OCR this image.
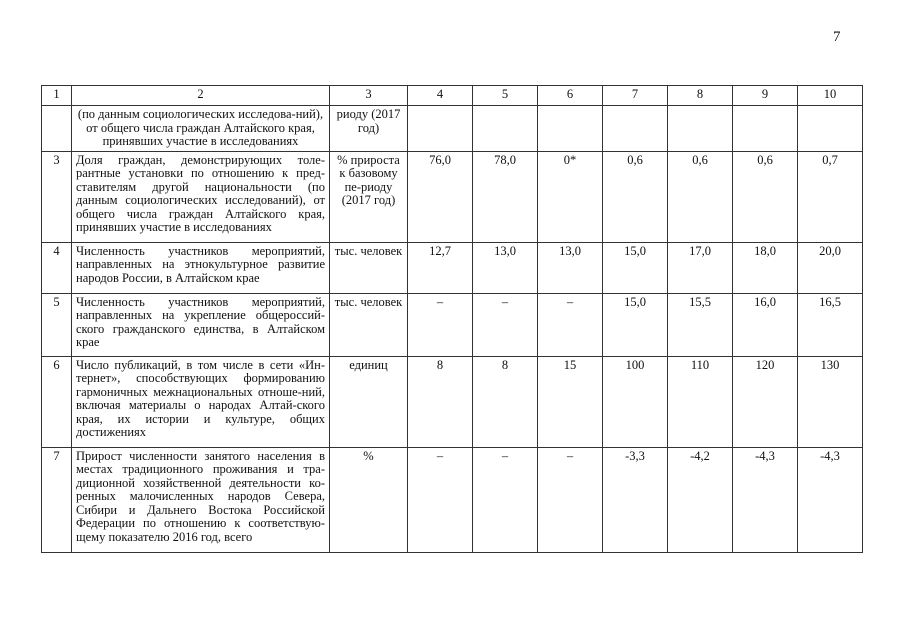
7
1	2	3	4	5	6	7	8	9	10
	(по данным социологических исследова-ний), от общего числа граждан Алтайского края, принявших участие в исследованиях	риоду (2017 год)							
3	Доля граждан, демонстрирующих толе-рантные установки по отношению к пред-ставителям другой национальности (по данным социологических исследований), от общего числа граждан Алтайского края, принявших участие в исследованиях	% прироста к базовому пе-риоду (2017 год)	76,0	78,0	0*	0,6	0,6	0,6	0,7
4	Численность участников мероприятий, направленных на этнокультурное развитие народов России, в Алтайском крае	тыс. человек	12,7	13,0	13,0	15,0	17,0	18,0	20,0
5	Численность участников мероприятий, направленных на укрепление общероссий-ского гражданского единства, в Алтайском крае	тыс. человек	–	–	–	15,0	15,5	16,0	16,5
6	Число публикаций, в том числе в сети «Ин-тернет», способствующих формированию гармоничных межнациональных отноше-ний, включая материалы о народах Алтай-ского края, их истории и культуре, общих достижениях	единиц	8	8	15	100	110	120	130
7	Прирост численности занятого населения в местах традиционного проживания и тра-диционной хозяйственной деятельности ко-ренных малочисленных народов Севера, Сибири и Дальнего Востока Российской Федерации по отношению к соответствую-щему показателю 2016 год, всего	%	–	–	–	-3,3	-4,2	-4,3	-4,3
